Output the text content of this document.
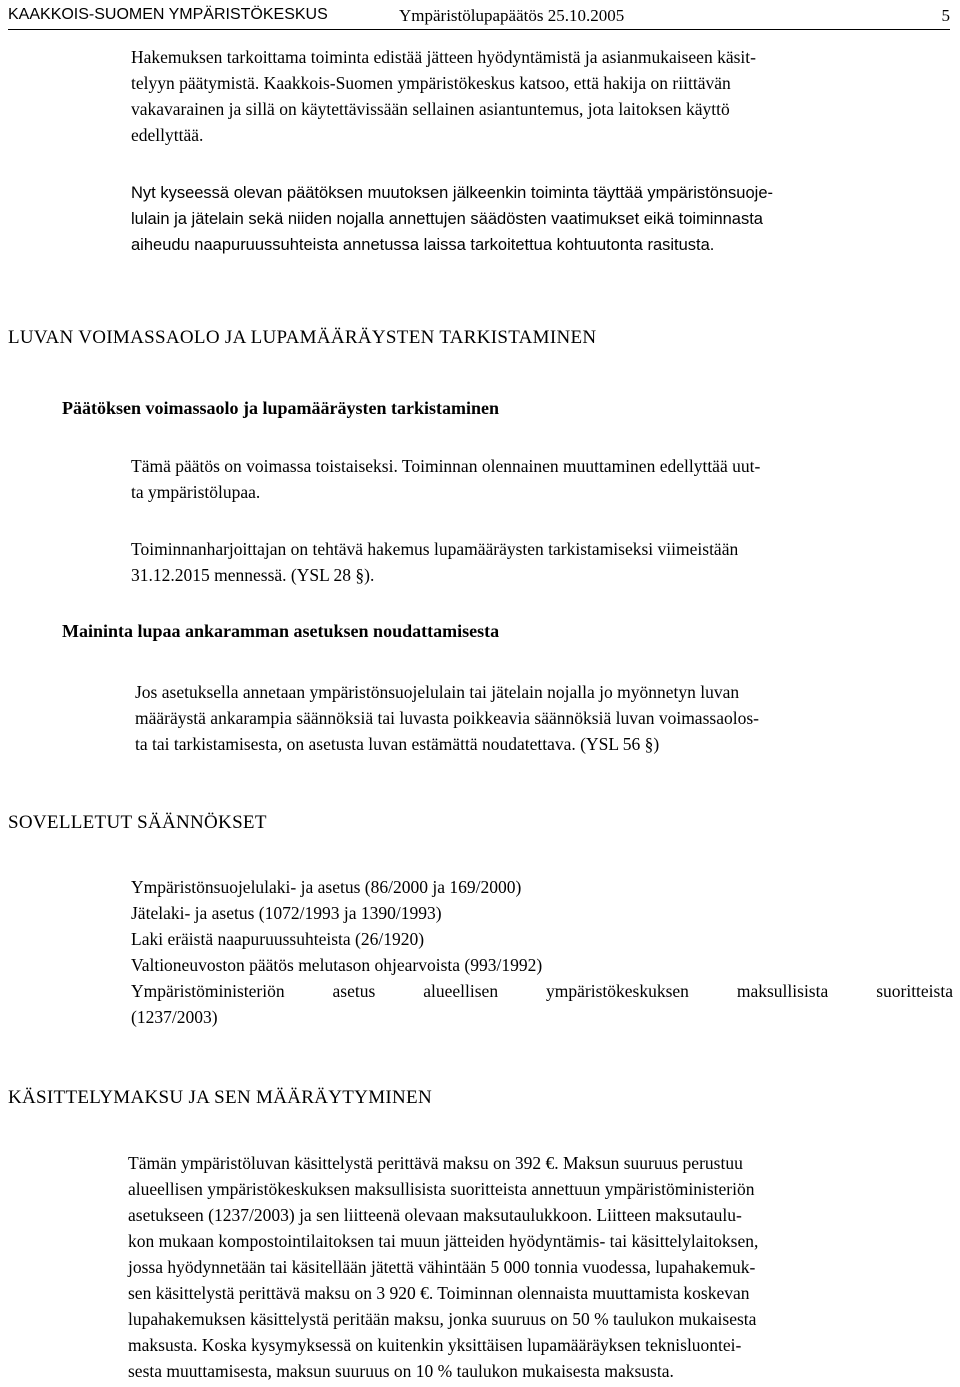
KAAKKOIS-SUOMEN YMPÄRISTÖKESKUS	Ympäristölupapäätös 25.10.2005	5
Hakemuksen tarkoittama toiminta edistää jätteen hyödyntämistä ja asianmukaiseen käsit-
telyyn päätymistä. Kaakkois-Suomen ympäristökeskus katsoo, että hakija on riittävän
vakavarainen ja sillä on käytettävissään sellainen asiantuntemus, jota laitoksen käyttö
edellyttää.
Nyt kyseessä olevan päätöksen muutoksen jälkeenkin toiminta täyttää ympäristönsuoje-
lulain ja jätelain sekä niiden nojalla annettujen säädösten vaatimukset eikä toiminnasta
aiheudu naapuruussuhteista annetussa laissa tarkoitettua kohtuutonta rasitusta.
LUVAN VOIMASSAOLO JA LUPAMÄÄRÄYSTEN TARKISTAMINEN
Päätöksen voimassaolo ja lupamääräysten tarkistaminen
Tämä päätös on voimassa toistaiseksi. Toiminnan olennainen muuttaminen edellyttää uut-
ta ympäristölupaa.
Toiminnanharjoittajan on tehtävä hakemus lupamääräysten tarkistamiseksi viimeistään
31.12.2015 mennessä. (YSL 28 §).
Maininta lupaa ankaramman asetuksen noudattamisesta
Jos asetuksella annetaan ympäristönsuojelulain tai jätelain nojalla jo myönnetyn luvan
määräystä ankarampia säännöksiä tai luvasta poikkeavia säännöksiä luvan voimassaolos-
ta tai tarkistamisesta, on asetusta luvan estämättä noudatettava. (YSL 56 §)
SOVELLETUT SÄÄNNÖKSET
Ympäristönsuojelulaki- ja asetus (86/2000 ja 169/2000)
Jätelaki- ja asetus (1072/1993 ja 1390/1993)
Laki eräistä naapuruussuhteista (26/1920)
Valtioneuvoston päätös melutason ohjearvoista (993/1992)
Ympäristöministeriön asetus alueellisen ympäristökeskuksen maksullisista suoritteista
(1237/2003)
KÄSITTELYMAKSU JA SEN MÄÄRÄYTYMINEN
Tämän ympäristöluvan käsittelystä perittävä maksu on 392 €. Maksun suuruus perustuu
alueellisen ympäristökeskuksen maksullisista suoritteista annettuun ympäristöministeriön
asetukseen (1237/2003) ja sen liitteenä olevaan maksutaulukkoon. Liitteen maksutaulu-
kon mukaan kompostointilaitoksen tai muun jätteiden hyödyntämis- tai käsittelylaitoksen,
jossa hyödynnetään tai käsitellään jätettä vähintään 5 000 tonnia vuodessa, lupahakemuk-
sen käsittelystä perittävä maksu on 3 920 €. Toiminnan olennaista muuttamista koskevan
lupahakemuksen käsittelystä peritään maksu, jonka suuruus on 50 % taulukon mukaisesta
maksusta. Koska kysymyksessä on kuitenkin yksittäisen lupamääräyksen teknisluontei-
sesta muuttamisesta, maksun suuruus on 10 % taulukon mukaisesta maksusta.
